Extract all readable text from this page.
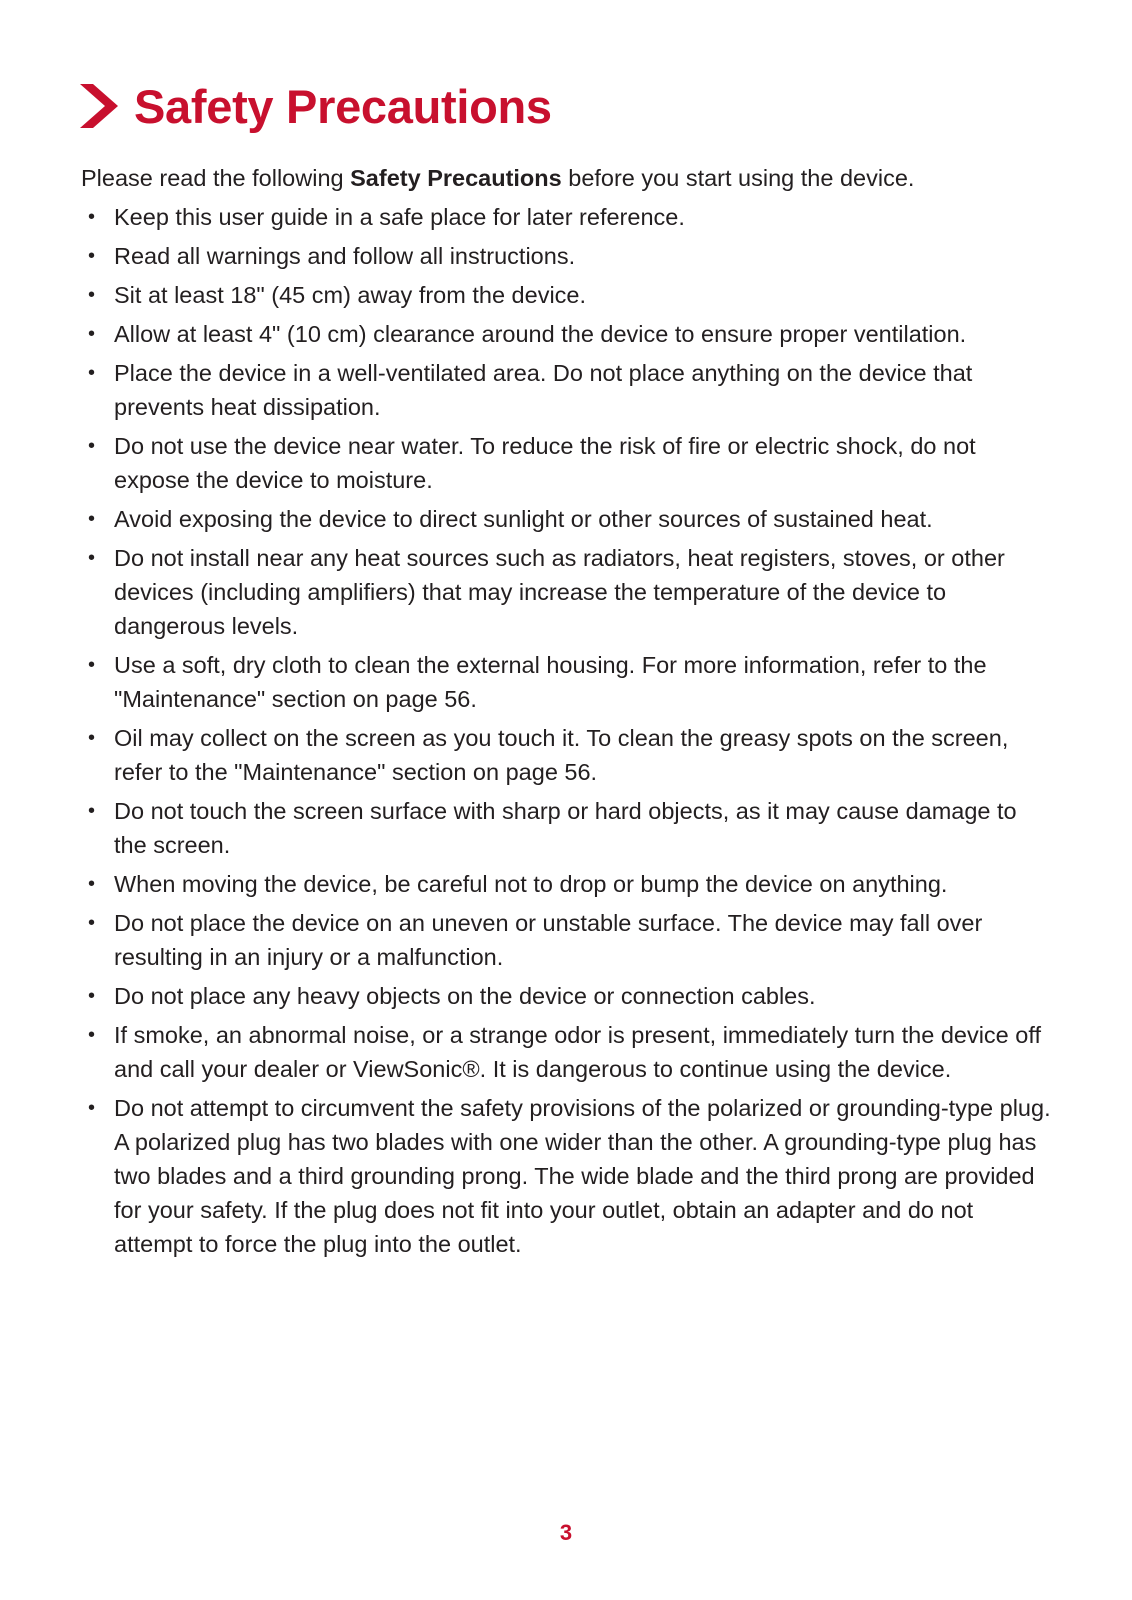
Safety Precautions

Please read the following Safety Precautions before you start using the device.

• Keep this user guide in a safe place for later reference.
• Read all warnings and follow all instructions.
• Sit at least 18" (45 cm) away from the device.
• Allow at least 4" (10 cm) clearance around the device to ensure proper ventilation.
• Place the device in a well-ventilated area. Do not place anything on the device that prevents heat dissipation.
• Do not use the device near water. To reduce the risk of fire or electric shock, do not expose the device to moisture.
• Avoid exposing the device to direct sunlight or other sources of sustained heat.
• Do not install near any heat sources such as radiators, heat registers, stoves, or other devices (including amplifiers) that may increase the temperature of the device to dangerous levels.
• Use a soft, dry cloth to clean the external housing. For more information, refer to the "Maintenance" section on page 56.
• Oil may collect on the screen as you touch it. To clean the greasy spots on the screen, refer to the "Maintenance" section on page 56.
• Do not touch the screen surface with sharp or hard objects, as it may cause damage to the screen.
• When moving the device, be careful not to drop or bump the device on anything.
• Do not place the device on an uneven or unstable surface. The device may fall over resulting in an injury or a malfunction.
• Do not place any heavy objects on the device or connection cables.
• If smoke, an abnormal noise, or a strange odor is present, immediately turn the device off and call your dealer or ViewSonic®. It is dangerous to continue using the device.
• Do not attempt to circumvent the safety provisions of the polarized or grounding-type plug. A polarized plug has two blades with one wider than the other. A grounding-type plug has two blades and a third grounding prong. The wide blade and the third prong are provided for your safety. If the plug does not fit into your outlet, obtain an adapter and do not attempt to force the plug into the outlet.
3
